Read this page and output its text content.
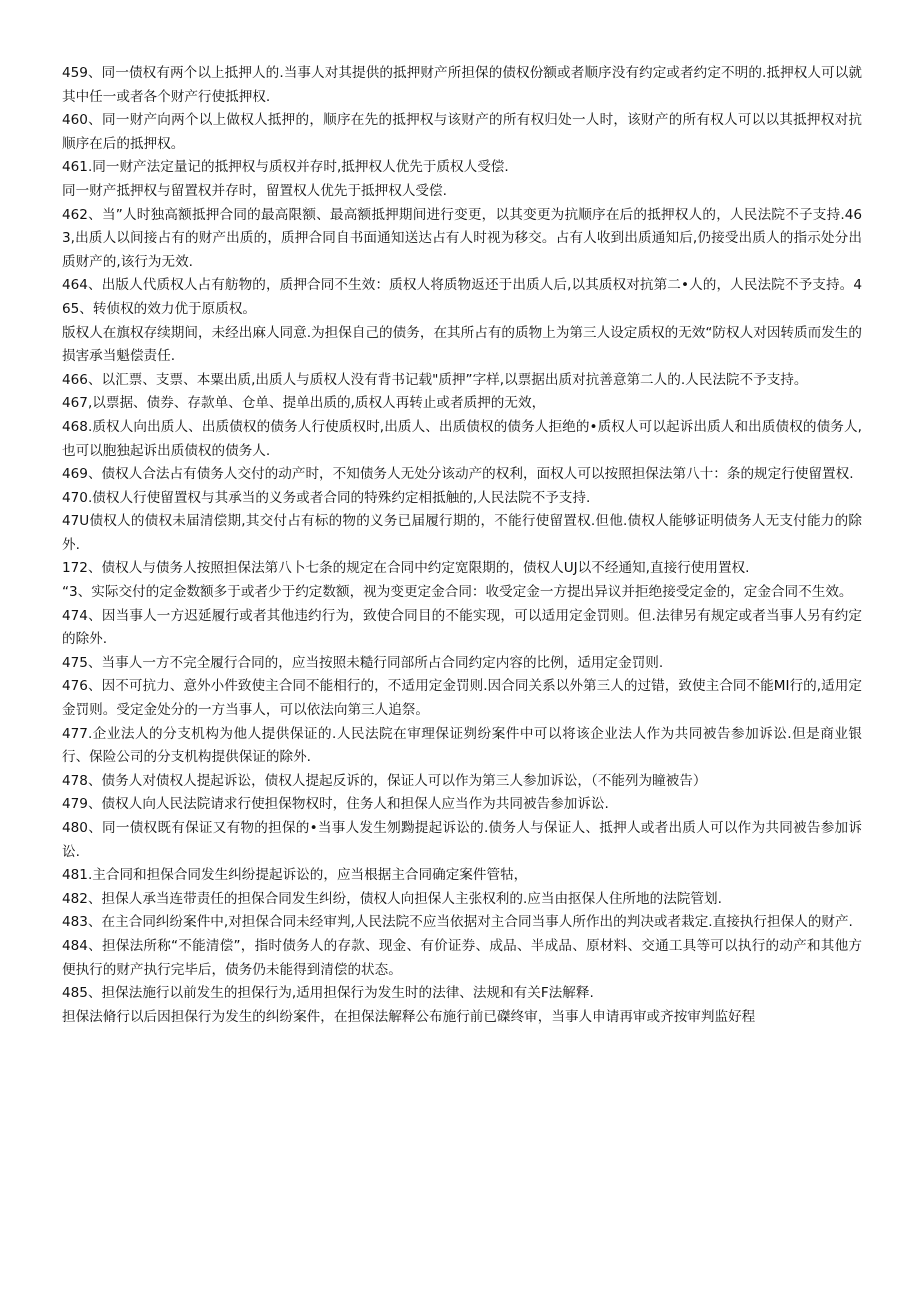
459、同一债权有两个以上抵押人的.当事人对其提供的抵押财产所担保的债权份额或者顺序没有约定或者约定不明的.抵押权人可以就其中任一或者各个财产行使抵押权.

460、同一财产向两个以上做权人抵押的，顺序在先的抵押权与该财产的所有权归处一人时，该财产的所有权人可以以其抵押权对抗顺序在后的抵押权。

461.同一财产法定量记的抵押权与质权并存时,抵押权人优先于质权人受偿.

同一财产抵押权与留置权并存时，留置权人优先于抵押权人受偿.

462、当”人时独高额抵押合同的最高限额、最高额抵押期间进行变更，以其变更为抗顺序在后的抵押权人的，人民法院不子支持.463,出质人以间接占有的财产出质的，质押合同自书面通知送达占有人时视为移交。占有人收到出质通知后,仍接受出质人的指示处分出质财产的,该行为无效.

464、出版人代质权人占有舫物的，质押合同不生效：质权人将质物返还于出质人后,以其质权对抗第二•人的，人民法院不予支持。465、转侦权的效力优于原质权。

版权人在旗权存续期间，未经出麻人同意.为担保自己的债务，在其所占有的质物上为第三人设定质权的无效“防权人对因转质而发生的损害承当魁偿责任.

466、以汇票、支票、本粟出质,出质人与质权人没有背书记载"质押”字样,以票据出质对抗善意第二人的.人民法院不予支持。

467,以票据、债券、存款单、仓单、提单出质的,质权人再转止或者质押的无效，

468.质权人向出质人、出质债权的债务人行使质权时,出质人、出质债权的债务人拒绝的•质权人可以起诉出质人和出质债权的债务人,也可以胞独起诉出质债权的债务人.

469、债权人合法占有债务人交付的动产时，不知债务人无处分该动产的权利，面权人可以按照担保法第八十：条的规定行使留置权.

470.债权人行使留置权与其承当的义务或者合同的特殊约定相抵触的,人民法院不予支持.

47U债权人的债权未届清偿期,其交付占有标的物的义务已届履行期的，不能行使留置权.但他.债权人能够证明债务人无支付能力的除外.

172、债权人与债务人按照担保法第八卜七条的规定在合同中约定宽限期的，债权人UJ以不经通知,直接行使用置权.

“3、实际交付的定金数额多于或者少于约定数额，视为变更定金合同：收受定金一方提出异议并拒绝接受定金的，定金合同不生效。

474、因当事人一方迟延履行或者其他违约行为，致使合同目的不能实现，可以适用定金罚则。但.法律另有规定或者当事人另有约定的除外.

475、当事人一方不完全履行合同的，应当按照未糙行同部所占合同约定内容的比例，适用定金罚则.

476、因不可抗力、意外小件致使主合同不能相行的，不适用定金罚则.因合同关系以外第三人的过错，致使主合同不能MI行的,适用定金罚则。受定金处分的一方当事人，可以依法向第三人追祭。

477.企业法人的分支机构为他人提供保证的.人民法院在审理保证刿纷案件中可以将该企业法人作为共同被告参加诉讼.但是商业银行、保险公司的分支机构提供保证的除外.

478、债务人对债权人提起诉讼，债权人提起反诉的，保证人可以作为第三人参加诉讼，（不能列为瞳被告）

479、债权人向人民法院请求行使担保物权时，住务人和担保人应当作为共同被告参加诉讼.

480、同一债权既有保证又有物的担保的•当事人发生刎黝提起诉讼的.债务人与保证人、抵押人或者出质人可以作为共同被告参加诉讼.

481.主合同和担保合同发生纠纷提起诉讼的，应当根据主合同确定案件管牯，

482、担保人承当连带责任的担保合同发生纠纷，债权人向担保人主张权利的.应当由抠保人住所地的法院管划.

483、在主合同纠纷案件中,对担保合同未经审判,人民法院不应当依据对主合同当事人所作出的判决或者栽定.直接执行担保人的财产.

484、担保法所称“不能清偿”，指时债务人的存款、现金、有价证券、成品、半成品、原材料、交通工具等可以执行的动产和其他方便执行的财产执行完毕后，债务仍未能得到清偿的状态。

485、担保法施行以前发生的担保行为,适用担保行为发生时的法律、法规和有关F法解释.

担保法脩行以后因担保行为发生的纠纷案件，在担保法解释公布施行前已磔终审，当事人申请再审或齐按审判监好程
